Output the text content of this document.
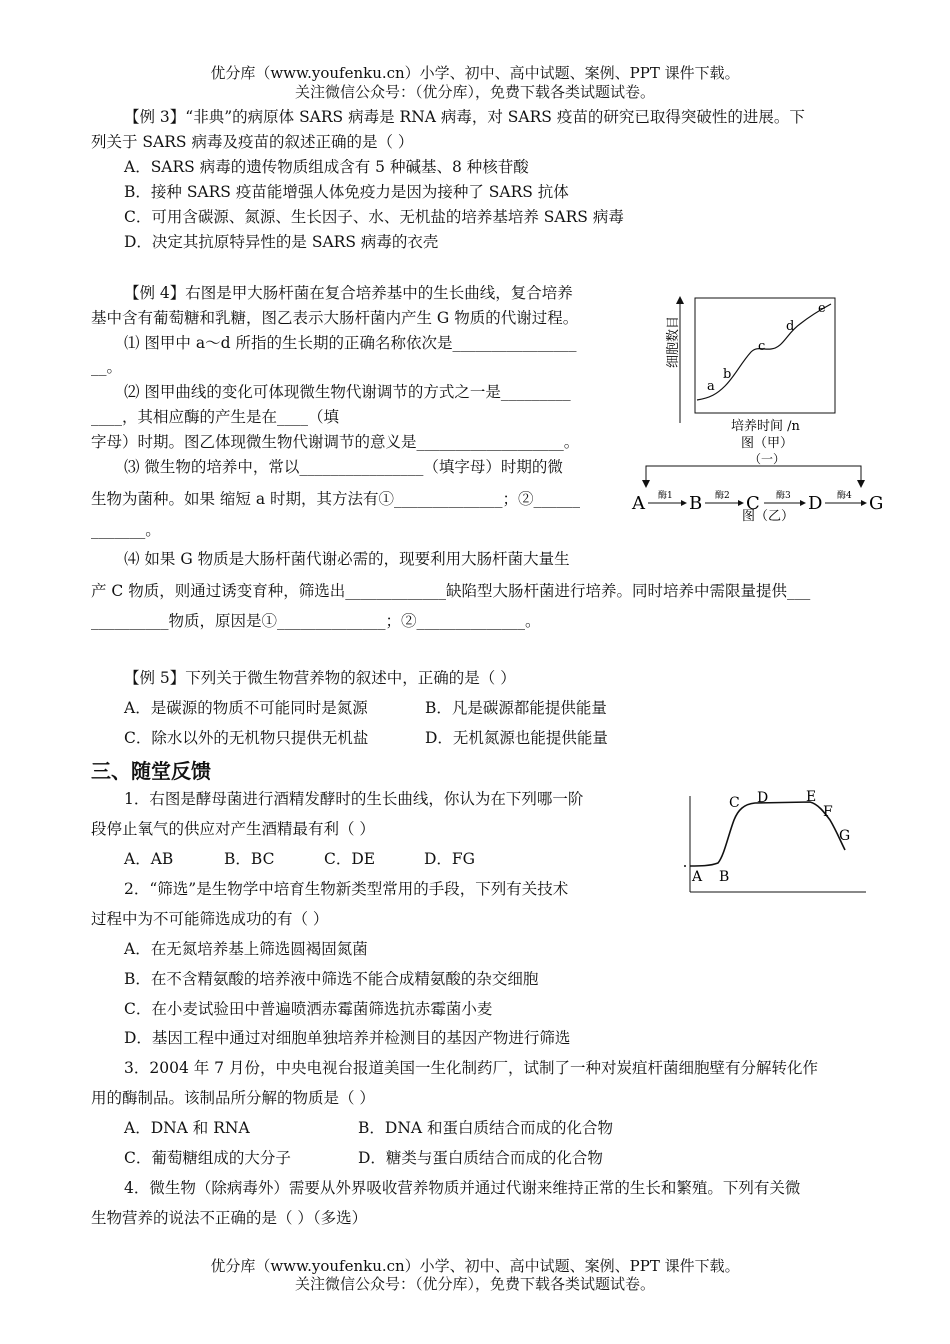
优分库（www.youfenku.cn）小学、初中、高中试题、案例、PPT 课件下载。
关注微信公众号：（优分库），免费下载各类试题试卷。
【例 3】“非典”的病原体 SARS 病毒是 RNA 病毒，对 SARS 疫苗的研究已取得突破性的进展。下
列关于 SARS 病毒及疫苗的叙述正确的是（ ）
A．SARS 病毒的遗传物质组成含有 5 种碱基、8 种核苷酸
B．接种 SARS 疫苗能增强人体免疫力是因为接种了 SARS 抗体
C．可用含碳源、氮源、生长因子、水、无机盐的培养基培养 SARS 病毒
D．决定其抗原特异性的是 SARS 病毒的衣壳
【例 4】右图是甲大肠杆菌在复合培养基中的生长曲线，复合培养
基中含有葡萄糖和乳糖，图乙表示大肠杆菌内产生 G 物质的代谢过程。
⑴ 图甲中 a～d 所指的生长期的正确名称依次是________________
__。
⑵ 图甲曲线的变化可体现微生物代谢调节的方式之一是_________
____，其相应酶的产生是在____（填
字母）时期。图乙体现微生物代谢调节的意义是___________________。
⑶ 微生物的培养中，常以________________（填字母）时期的微
生物为菌种。如果 缩短 a 时期，其方法有①______________；②______
_______。
⑷ 如果 G 物质是大肠杆菌代谢必需的，现要利用大肠杆菌大量生
产 C 物质，则通过诱变育种，筛选出_____________缺陷型大肠杆菌进行培养。同时培养中需限量提供___
__________物质，原因是①______________；②______________。
a
b
c
d
e
细胞数目
培养时间 /n
图（甲）
（一）
A B C	D	G
酶1	酶2	酶3	酶4
图（乙）
【例 5】下列关于微生物营养物的叙述中，正确的是（ ）
A．是碳源的物质不可能同时是氮源	B．凡是碳源都能提供能量
C．除水以外的无机物只提供无机盐	D．无机氮源也能提供能量
三、随堂反馈
1．右图是酵母菌进行酒精发酵时的生长曲线，你认为在下列哪一阶
段停止氧气的供应对产生酒精最有利（ ）
A．AB	B．BC	C．DE	D．FG
A B
C D	E
F
G
2．“筛选”是生物学中培育生物新类型常用的手段，下列有关技术
过程中为不可能筛选成功的有（ ）
A．在无氮培养基上筛选圆褐固氮菌
B．在不含精氨酸的培养液中筛选不能合成精氨酸的杂交细胞
C．在小麦试验田中普遍喷洒赤霉菌筛选抗赤霉菌小麦
D．基因工程中通过对细胞单独培养并检测目的基因产物进行筛选
3．2004 年 7 月份，中央电视台报道美国一生化制药厂，试制了一种对炭疽杆菌细胞壁有分解转化作
用的酶制品。该制品所分解的物质是（ ）
A．DNA 和 RNA	B．DNA 和蛋白质结合而成的化合物
C．葡萄糖组成的大分子	D．糖类与蛋白质结合而成的化合物
4．微生物（除病毒外）需要从外界吸收营养物质并通过代谢来维持正常的生长和繁殖。下列有关微
生物营养的说法不正确的是（ ）（多选）
优分库（www.youfenku.cn）小学、初中、高中试题、案例、PPT 课件下载。
关注微信公众号：（优分库），免费下载各类试题试卷。
